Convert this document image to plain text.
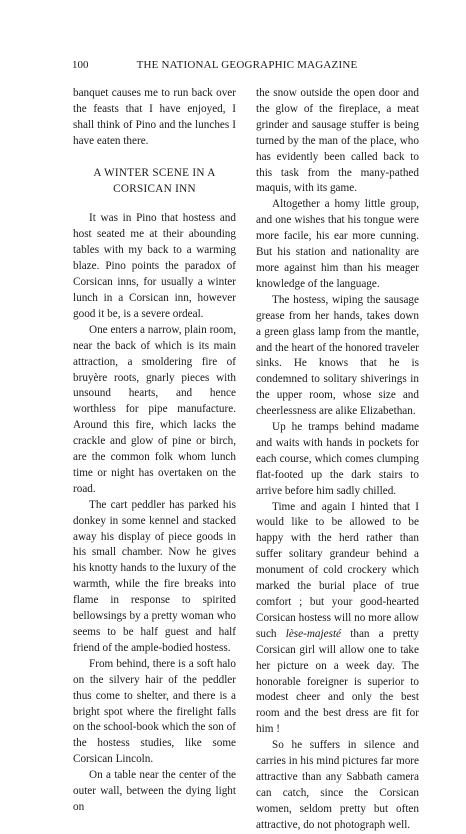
100	THE NATIONAL GEOGRAPHIC MAGAZINE

banquet causes me to run back over the feasts that I have enjoyed, I shall think of Pino and the lunches I have eaten there.

A WINTER SCENE IN A CORSICAN INN

It was in Pino that hostess and host seated me at their abounding tables with my back to a warming blaze. Pino points the paradox of Corsican inns, for usually a winter lunch in a Corsican inn, however good it be, is a severe ordeal.

One enters a narrow, plain room, near the back of which is its main attraction, a smoldering fire of bruyère roots, gnarly pieces with unsound hearts, and hence worthless for pipe manufacture. Around this fire, which lacks the crackle and glow of pine or birch, are the common folk whom lunch time or night has overtaken on the road.

The cart peddler has parked his donkey in some kennel and stacked away his display of piece goods in his small chamber. Now he gives his knotty hands to the luxury of the warmth, while the fire breaks into flame in response to spirited bellowsings by a pretty woman who seems to be half guest and half friend of the ample-bodied hostess.

From behind, there is a soft halo on the silvery hair of the peddler thus come to shelter, and there is a bright spot where the firelight falls on the school-book which the son of the hostess studies, like some Corsican Lincoln.

On a table near the center of the outer wall, between the dying light on

the snow outside the open door and the glow of the fireplace, a meat grinder and sausage stuffer is being turned by the man of the place, who has evidently been called back to this task from the many-pathed maquis, with its game.

Altogether a homy little group, and one wishes that his tongue were more facile, his ear more cunning. But his station and nationality are more against him than his meager knowledge of the language.

The hostess, wiping the sausage grease from her hands, takes down a green glass lamp from the mantle, and the heart of the honored traveler sinks. He knows that he is condemned to solitary shiverings in the upper room, whose size and cheerlessness are alike Elizabethan.

Up he tramps behind madame and waits with hands in pockets for each course, which comes clumping flat-footed up the dark stairs to arrive before him sadly chilled.

Time and again I hinted that I would like to be allowed to be happy with the herd rather than suffer solitary grandeur behind a monument of cold crockery which marked the burial place of true comfort ; but your good-hearted Corsican hostess will no more allow such lèse-majesté than a pretty Corsican girl will allow one to take her picture on a week day. The honorable foreigner is superior to modest cheer and only the best room and the best dress are fit for him !

So he suffers in silence and carries in his mind pictures far more attractive than any Sabbath camera can catch, since the Corsican women, seldom pretty but often attractive, do not photograph well.
